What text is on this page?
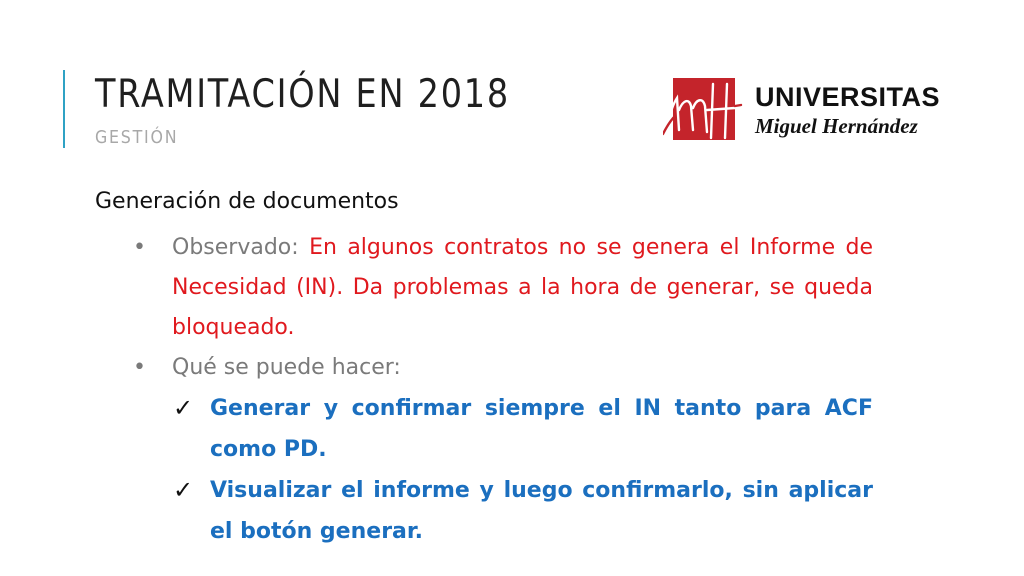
TRAMITACIÓN EN 2018
GESTIÓN
UNIVERSITAS
Miguel Hernández
Generación de documentos
• Observado: En algunos contratos no se genera el Informe de Necesidad (IN). Da problemas a la hora de generar, se queda bloqueado.
• Qué se puede hacer:
✓ Generar y confirmar siempre el IN tanto para ACF como PD.
✓ Visualizar el informe y luego confirmarlo, sin aplicar el botón generar.
